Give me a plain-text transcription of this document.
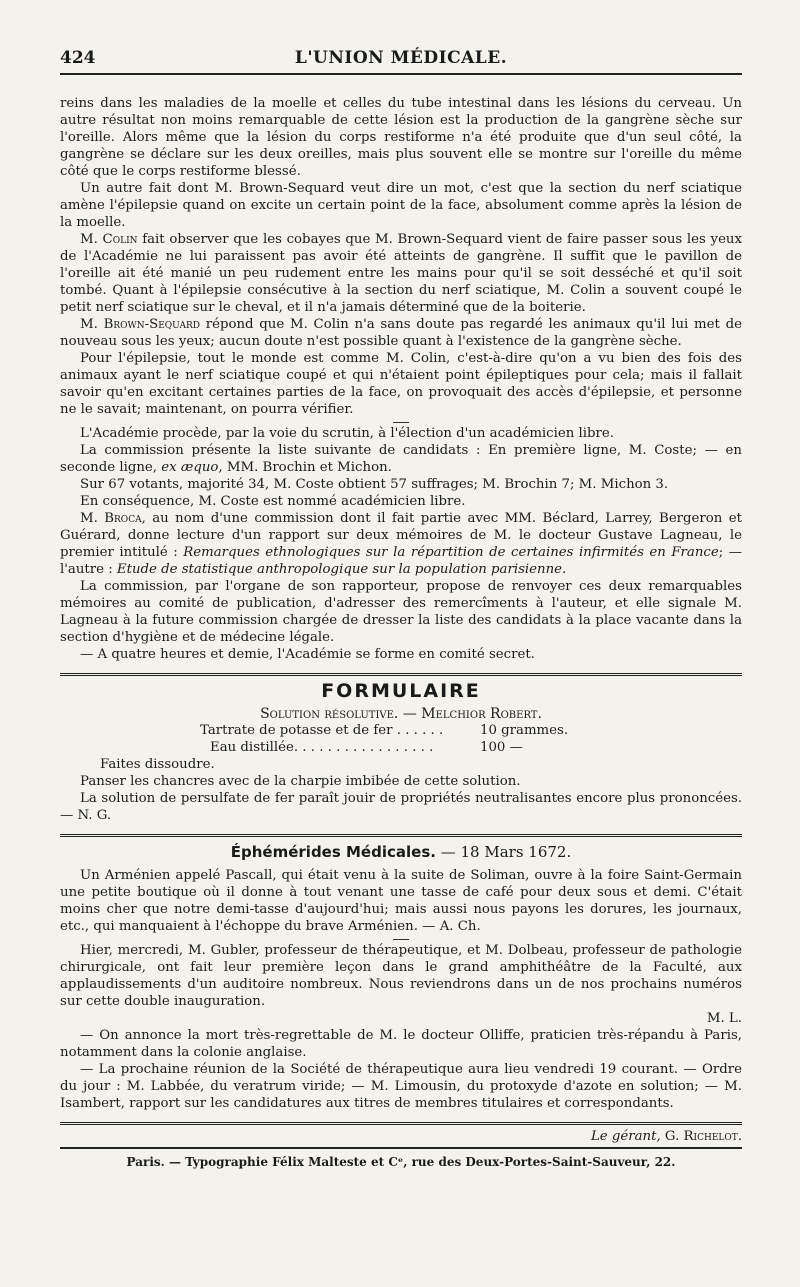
424	L'UNION MÉDICALE.

reins dans les maladies de la moelle et celles du tube intestinal dans les lésions du cerveau. Un autre résultat non moins remarquable de cette lésion est la production de la gangrène sèche sur l'oreille. Alors même que la lésion du corps restiforme n'a été produite que d'un seul côté, la gangrène se déclare sur les deux oreilles, mais plus souvent elle se montre sur l'oreille du même côté que le corps restiforme blessé.

Un autre fait dont M. Brown-Sequard veut dire un mot, c'est que la section du nerf sciatique amène l'épilepsie quand on excite un certain point de la face, absolument comme après la lésion de la moelle.

M. Colin fait observer que les cobayes que M. Brown-Sequard vient de faire passer sous les yeux de l'Académie ne lui paraissent pas avoir été atteints de gangrène. Il suffit que le pavillon de l'oreille ait été manié un peu rudement entre les mains pour qu'il se soit desséché et qu'il soit tombé. Quant à l'épilepsie consécutive à la section du nerf sciatique, M. Colin a souvent coupé le petit nerf sciatique sur le cheval, et il n'a jamais déterminé que de la boiterie.

M. Brown-Sequard répond que M. Colin n'a sans doute pas regardé les animaux qu'il lui met de nouveau sous les yeux; aucun doute n'est possible quant à l'existence de la gangrène sèche.

Pour l'épilepsie, tout le monde est comme M. Colin, c'est-à-dire qu'on a vu bien des fois des animaux ayant le nerf sciatique coupé et qui n'étaient point épileptiques pour cela; mais il fallait savoir qu'en excitant certaines parties de la face, on provoquait des accès d'épilepsie, et personne ne le savait; maintenant, on pourra vérifier.

L'Académie procède, par la voie du scrutin, à l'élection d'un académicien libre.

La commission présente la liste suivante de candidats : En première ligne, M. Coste; — en seconde ligne, ex æquo, MM. Brochin et Michon.

Sur 67 votants, majorité 34, M. Coste obtient 57 suffrages; M. Brochin 7; M. Michon 3.

En conséquence, M. Coste est nommé académicien libre.

M. Broca, au nom d'une commission dont il fait partie avec MM. Béclard, Larrey, Bergeron et Guérard, donne lecture d'un rapport sur deux mémoires de M. le docteur Gustave Lagneau, le premier intitulé : Remarques ethnologiques sur la répartition de certaines infirmités en France; — l'autre : Etude de statistique anthropologique sur la population parisienne.

La commission, par l'organe de son rapporteur, propose de renvoyer ces deux remarquables mémoires au comité de publication, d'adresser des remercîments à l'auteur, et elle signale M. Lagneau à la future commission chargée de dresser la liste des candidats à la place vacante dans la section d'hygiène et de médecine légale.

— A quatre heures et demie, l'Académie se forme en comité secret.

FORMULAIRE
Solution résolutive. — Melchior Robert.
Tartrate de potasse et de fer . . . . . .	10 grammes.
Eau distillée. . . . . . . . . . . . . . . . .	100 —

Faites dissoudre.

Panser les chancres avec de la charpie imbibée de cette solution.

La solution de persulfate de fer paraît jouir de propriétés neutralisantes encore plus prononcées. — N. G.

Éphémérides Médicales. — 18 Mars 1672.

Un Arménien appelé Pascall, qui était venu à la suite de Soliman, ouvre à la foire Saint-Germain une petite boutique où il donne à tout venant une tasse de café pour deux sous et demi. C'était moins cher que notre demi-tasse d'aujourd'hui; mais aussi nous payons les dorures, les journaux, etc., qui manquaient à l'échoppe du brave Arménien. — A. Ch.

Hier, mercredi, M. Gubler, professeur de thérapeutique, et M. Dolbeau, professeur de pathologie chirurgicale, ont fait leur première leçon dans le grand amphithéâtre de la Faculté, aux applaudissements d'un auditoire nombreux. Nous reviendrons dans un de nos prochains numéros sur cette double inauguration.

M. L.

— On annonce la mort très-regrettable de M. le docteur Olliffe, praticien très-répandu à Paris, notamment dans la colonie anglaise.

— La prochaine réunion de la Société de thérapeutique aura lieu vendredi 19 courant. — Ordre du jour : M. Labbée, du veratrum viride; — M. Limousin, du protoxyde d'azote en solution; — M. Isambert, rapport sur les candidatures aux titres de membres titulaires et correspondants.

Le gérant, G. Richelot.
Paris. — Typographie Félix Malteste et Cᵉ, rue des Deux-Portes-Saint-Sauveur, 22.
